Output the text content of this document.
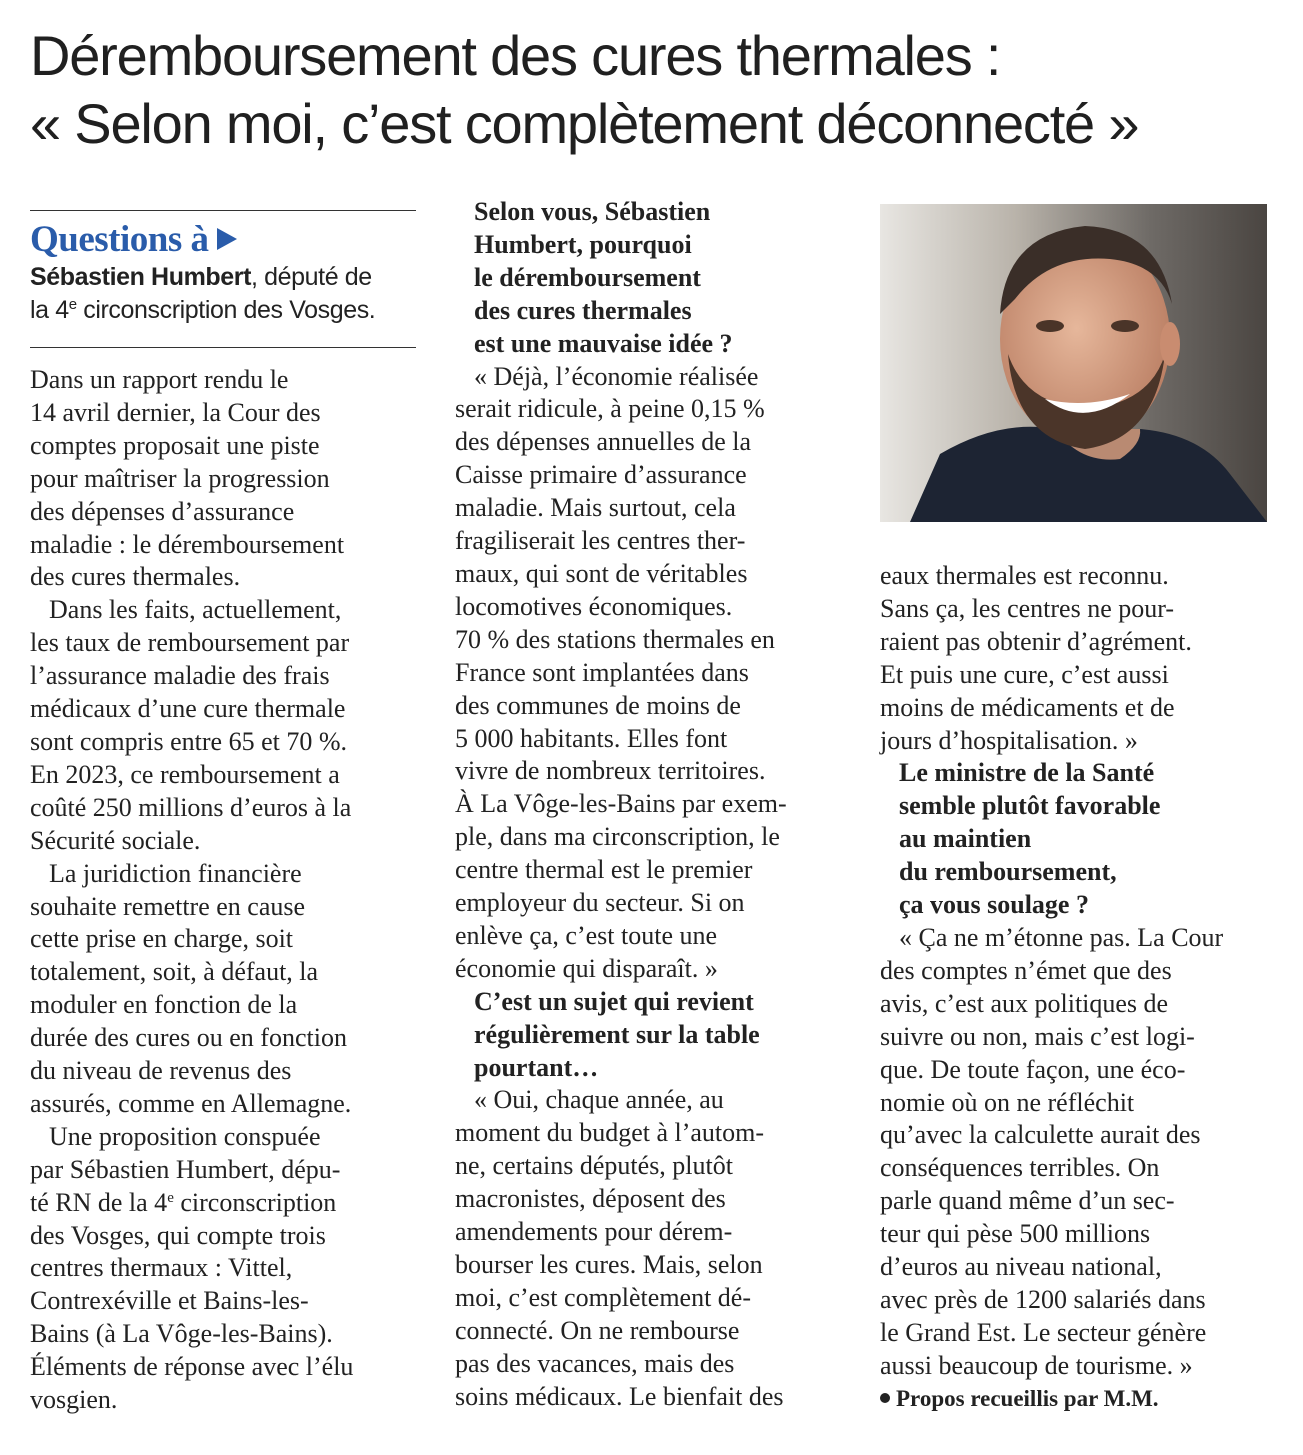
Déremboursement des cures thermales :
« Selon moi, c’est complètement déconnecté »
Questions à
Sébastien Humbert, député de
la 4e circonscription des Vosges.

Dans un rapport rendu le
14 avril dernier, la Cour des
comptes proposait une piste
pour maîtriser la progression
des dépenses d’assurance
maladie : le déremboursement
des cures thermales.

Dans les faits, actuellement,
les taux de remboursement par
l’assurance maladie des frais
médicaux d’une cure thermale
sont compris entre 65 et 70 %.
En 2023, ce remboursement a
coûté 250 millions d’euros à la
Sécurité sociale.

La juridiction financière
souhaite remettre en cause
cette prise en charge, soit
totalement, soit, à défaut, la
moduler en fonction de la
durée des cures ou en fonction
du niveau de revenus des
assurés, comme en Allemagne.

Une proposition conspuée
par Sébastien Humbert, dépu-
té RN de la 4e circonscription
des Vosges, qui compte trois
centres thermaux : Vittel,
Contrexéville et Bains-les-
Bains (à La Vôge-les-Bains).
Éléments de réponse avec l’élu
vosgien.

Selon vous, Sébastien
Humbert, pourquoi
le déremboursement
des cures thermales
est une mauvaise idée ?

« Déjà, l’économie réalisée
serait ridicule, à peine 0,15 %
des dépenses annuelles de la
Caisse primaire d’assurance
maladie. Mais surtout, cela
fragiliserait les centres ther-
maux, qui sont de véritables
locomotives économiques.
70 % des stations thermales en
France sont implantées dans
des communes de moins de
5 000 habitants. Elles font
vivre de nombreux territoires.
À La Vôge-les-Bains par exem-
ple, dans ma circonscription, le
centre thermal est le premier
employeur du secteur. Si on
enlève ça, c’est toute une
économie qui disparaît. »

C’est un sujet qui revient
régulièrement sur la table
pourtant…

« Oui, chaque année, au
moment du budget à l’autom-
ne, certains députés, plutôt
macronistes, déposent des
amendements pour dérem-
bourser les cures. Mais, selon
moi, c’est complètement dé-
connecté. On ne rembourse
pas des vacances, mais des
soins médicaux. Le bienfait des

eaux thermales est reconnu.
Sans ça, les centres ne pour-
raient pas obtenir d’agrément.
Et puis une cure, c’est aussi
moins de médicaments et de
jours d’hospitalisation. »

Le ministre de la Santé
semble plutôt favorable
au maintien
du remboursement,
ça vous soulage ?

« Ça ne m’étonne pas. La Cour
des comptes n’émet que des
avis, c’est aux politiques de
suivre ou non, mais c’est logi-
que. De toute façon, une éco-
nomie où on ne réfléchit
qu’avec la calculette aurait des
conséquences terribles. On
parle quand même d’un sec-
teur qui pèse 500 millions
d’euros au niveau national,
avec près de 1200 salariés dans
le Grand Est. Le secteur génère
aussi beaucoup de tourisme. »

Propos recueillis par M.M.
